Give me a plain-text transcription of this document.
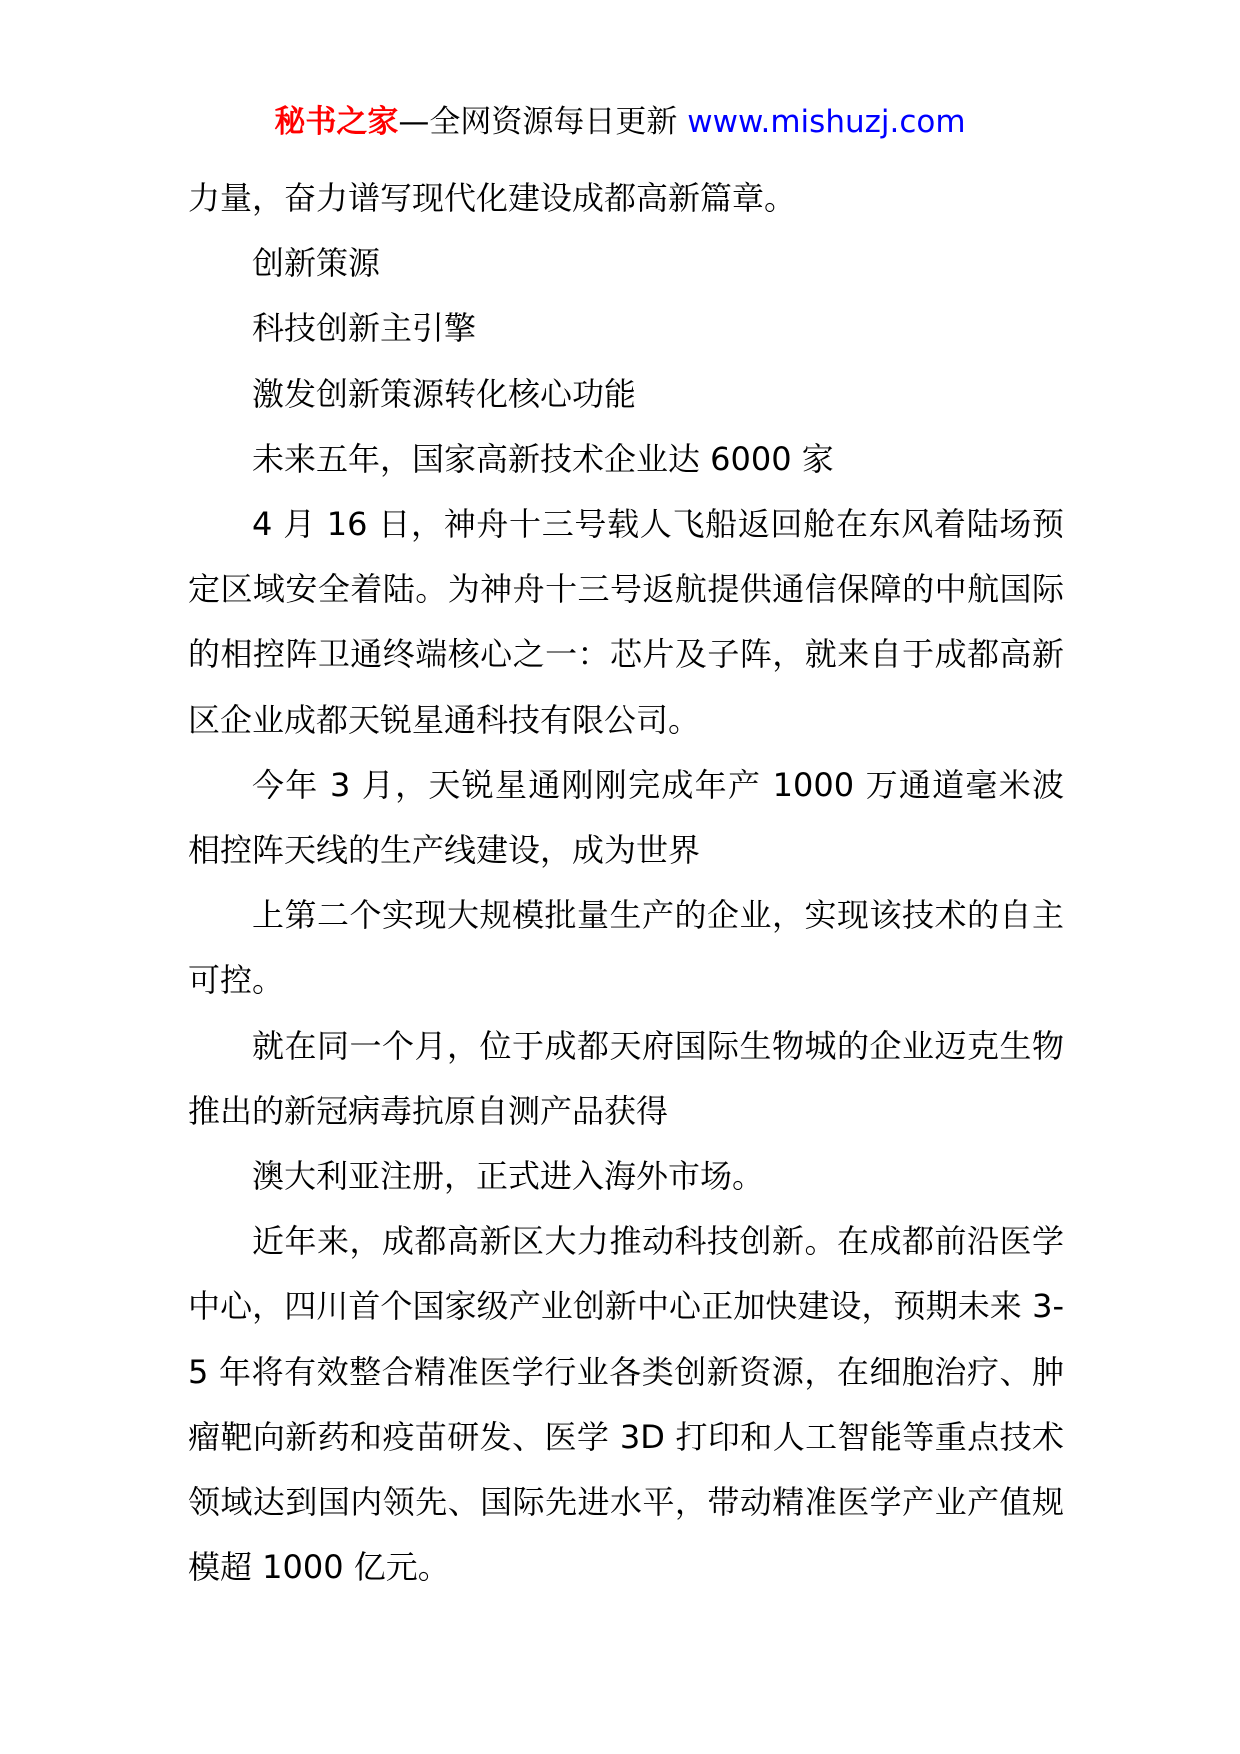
秘书之家—全网资源每日更新 www.mishuzj.com

力量，奋力谱写现代化建设成都高新篇章。

创新策源

科技创新主引擎

激发创新策源转化核心功能

未来五年，国家高新技术企业达 6000 家

4 月 16 日，神舟十三号载人飞船返回舱在东风着陆场预定区域安全着陆。为神舟十三号返航提供通信保障的中航国际的相控阵卫通终端核心之一：芯片及子阵，就来自于成都高新区企业成都天锐星通科技有限公司。

今年 3 月，天锐星通刚刚完成年产 1000 万通道毫米波相控阵天线的生产线建设，成为世界

上第二个实现大规模批量生产的企业，实现该技术的自主可控。

就在同一个月，位于成都天府国际生物城的企业迈克生物推出的新冠病毒抗原自测产品获得

澳大利亚注册，正式进入海外市场。

近年来，成都高新区大力推动科技创新。在成都前沿医学中心，四川首个国家级产业创新中心正加快建设，预期未来 3-5 年将有效整合精准医学行业各类创新资源，在细胞治疗、肿瘤靶向新药和疫苗研发、医学 3D 打印和人工智能等重点技术领域达到国内领先、国际先进水平，带动精准医学产业产值规模超 1000 亿元。
